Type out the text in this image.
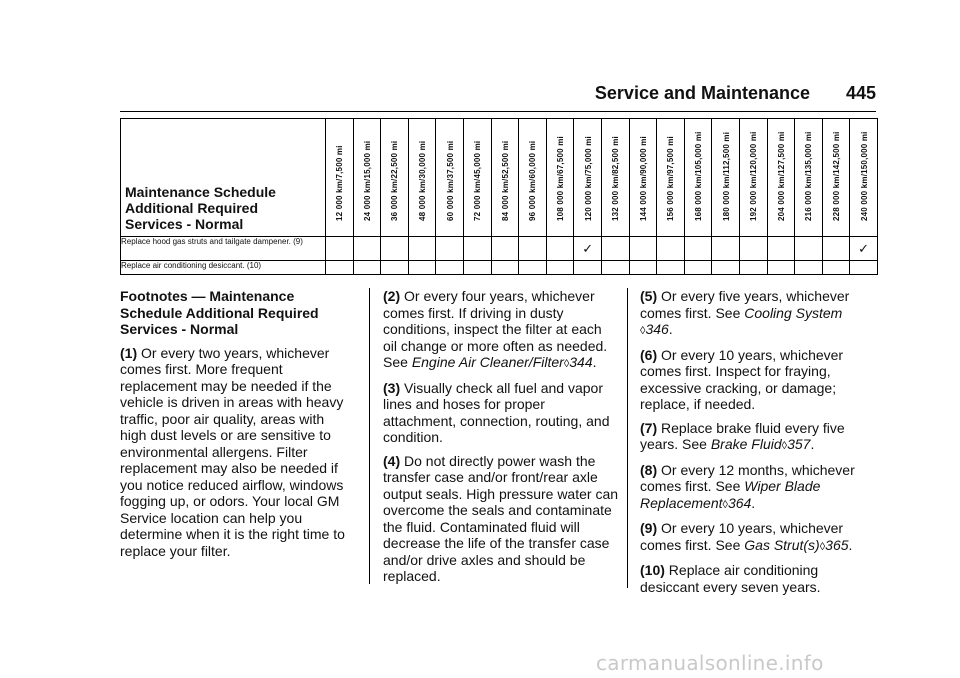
Service and Maintenance 445
Maintenance Schedule Additional Required Services - Normal	12 000 km/7,500 mi	24 000 km/15,000 mi	36 000 km/22,500 mi	48 000 km/30,000 mi	60 000 km/37,500 mi	72 000 km/45,000 mi	84 000 km/52,500 mi	96 000 km/60,000 mi	108 000 km/67,500 mi	120 000 km/75,000 mi	132 000 km/82,500 mi	144 000 km/90,000 mi	156 000 km/97,500 mi	168 000 km/105,000 mi	180 000 km/112,500 mi	192 000 km/120,000 mi	204 000 km/127,500 mi	216 000 km/135,000 mi	228 000 km/142,500 mi	240 000 km/150,000 mi

Replace hood gas struts and tailgate dampener. (9)										✓										✓
Replace air conditioning desiccant. (10)																				

Footnotes — Maintenance Schedule Additional Required Services - Normal

(1) Or every two years, whichever comes first. More frequent replacement may be needed if the vehicle is driven in areas with heavy traffic, poor air quality, areas with high dust levels or are sensitive to environmental allergens. Filter replacement may also be needed if you notice reduced airflow, windows fogging up, or odors. Your local GM Service location can help you determine when it is the right time to replace your filter.

(2) Or every four years, whichever comes first. If driving in dusty conditions, inspect the filter at each oil change or more often as needed. See Engine Air Cleaner/Filter◊344.

(3) Visually check all fuel and vapor lines and hoses for proper attachment, connection, routing, and condition.

(4) Do not directly power wash the transfer case and/or front/rear axle output seals. High pressure water can overcome the seals and contaminate the fluid. Contaminated fluid will decrease the life of the transfer case and/or drive axles and should be replaced.

(5) Or every five years, whichever comes first. See Cooling System
◊346.

(6) Or every 10 years, whichever comes first. Inspect for fraying, excessive cracking, or damage; replace, if needed.

(7) Replace brake fluid every five years. See Brake Fluid◊357.

(8) Or every 12 months, whichever comes first. See Wiper Blade Replacement◊364.

(9) Or every 10 years, whichever comes first. See Gas Strut(s)◊365.

(10) Replace air conditioning desiccant every seven years.

carmanualsonline.info
